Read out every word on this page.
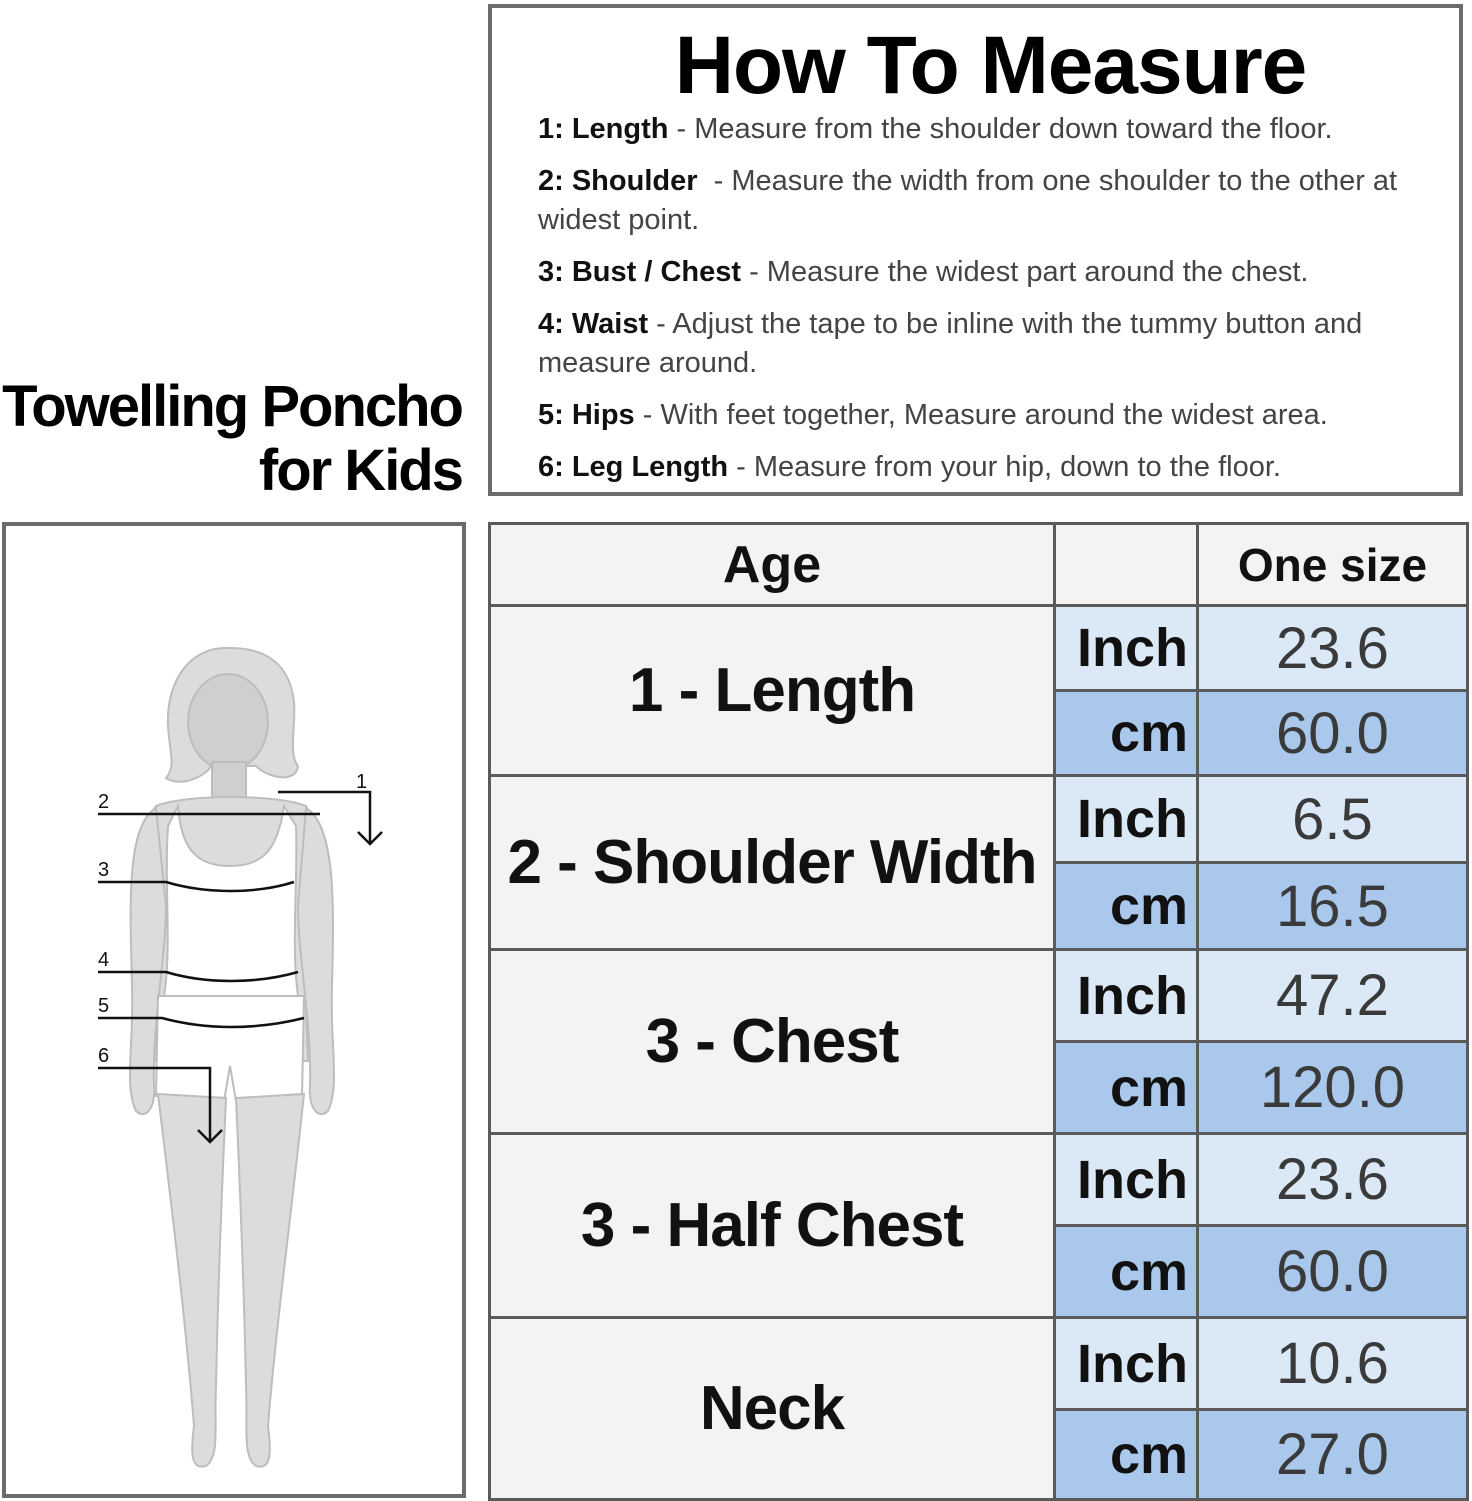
Towelling Poncho
for Kids
How To Measure
1: Length - Measure from the shoulder down toward the floor.
2: Shoulder  - Measure the width from one shoulder to the other at widest point.
3: Bust / Chest - Measure the widest part around the chest.
4: Waist - Adjust the tape to be inline with the tummy button and measure around.
5: Hips - With feet together, Measure around the widest area.
6: Leg Length - Measure from your hip, down to the floor.
1
2
3
4
5
6
Age		One size
1 - Length	Inch	23.6
	cm	60.0
2 - Shoulder Width	Inch	6.5
	cm	16.5
3 - Chest	Inch	47.2
	cm	120.0
3 - Half Chest	Inch	23.6
	cm	60.0
Neck	Inch	10.6
	cm	27.0
